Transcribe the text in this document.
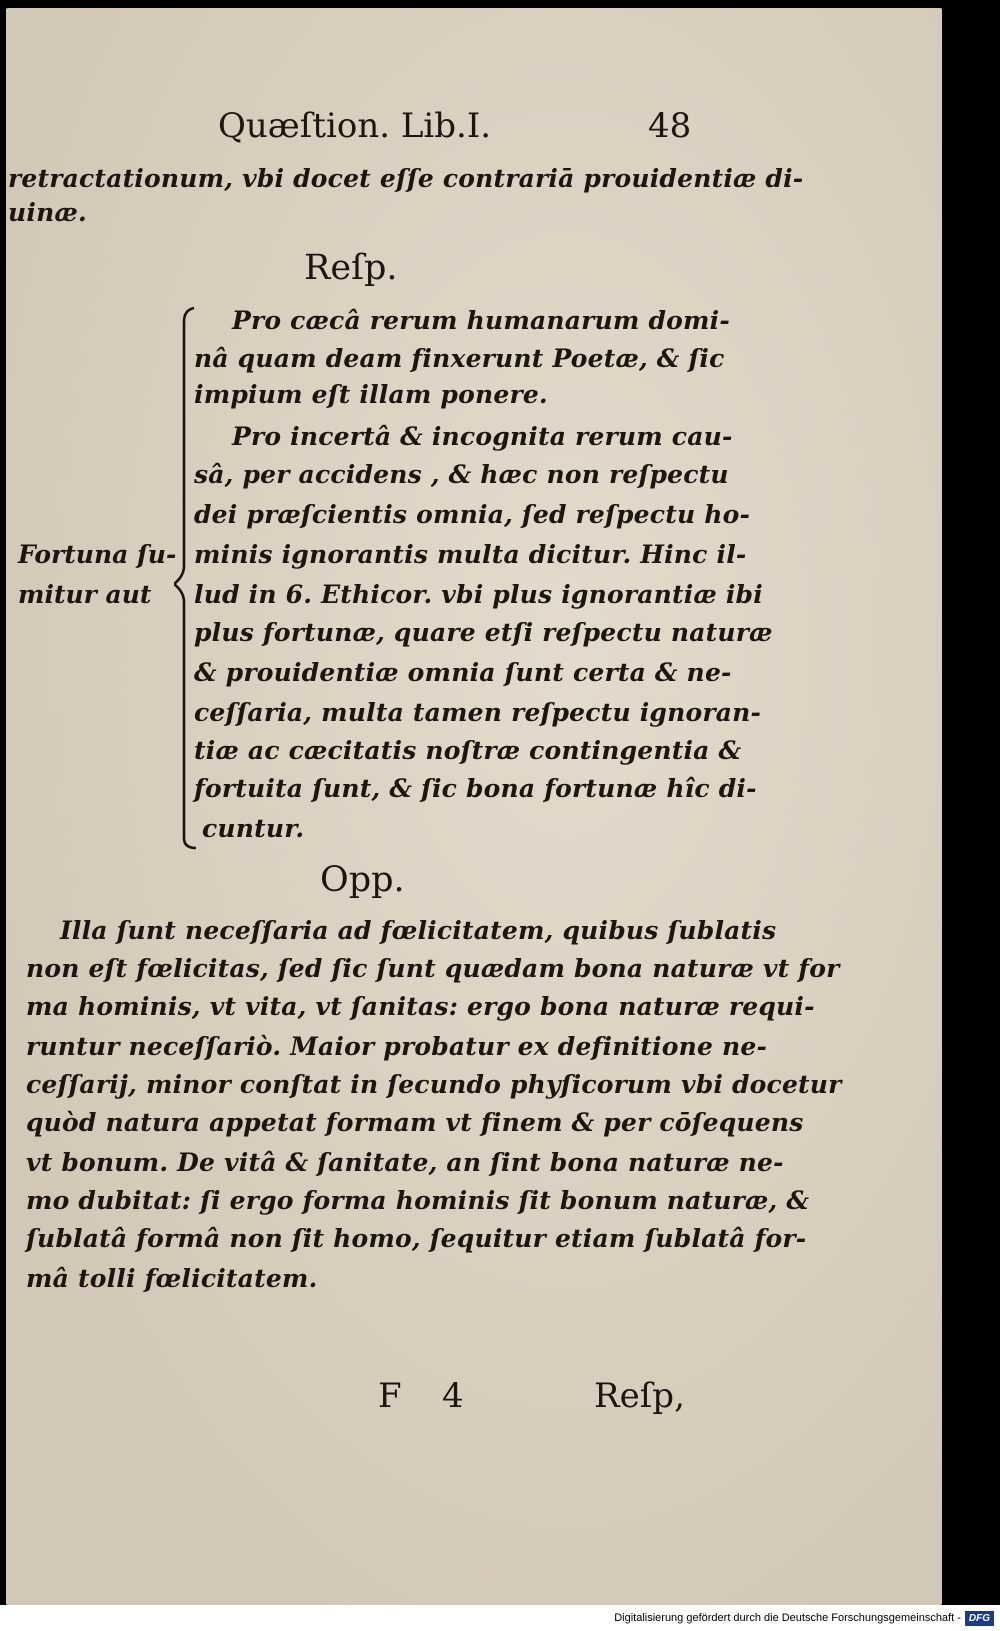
Quæſtion. Lib.I.	48
retractationum, vbi docet eſſe contrariā prouidentiæ di-
uinæ.
Reſp.
Fortuna ſu-
mitur aut
Pro cæcâ rerum humanarum domi-
nâ quam deam finxerunt Poetæ, & ſic
impium eſt illam ponere.
Pro incertâ & incognita rerum cau-
sâ, per accidens , & hæc non reſpectu
dei præſcientis omnia, ſed reſpectu ho-
minis ignorantis multa dicitur. Hinc il-
lud in 6. Ethicor. vbi plus ignorantiæ ibi
plus fortunæ, quare etſi reſpectu naturæ
& prouidentiæ omnia ſunt certa & ne-
ceſſaria, multa tamen reſpectu ignoran-
tiæ ac cæcitatis noſtræ contingentia &
fortuita ſunt, & ſic bona fortunæ hîc di-
cuntur.
Opp.
Illa ſunt neceſſaria ad fœlicitatem, quibus ſublatis
non eſt fœlicitas, ſed ſic ſunt quædam bona naturæ vt for
ma hominis, vt vita, vt ſanitas: ergo bona naturæ requi-
runtur neceſſariò. Maior probatur ex definitione ne-
ceſſarij, minor conſtat in ſecundo phyſicorum vbi docetur
quòd natura appetat formam vt finem & per cōſequens
vt bonum. De vitâ & ſanitate, an ſint bona naturæ ne-
mo dubitat: ſi ergo forma hominis ſit bonum naturæ, &
ſublatâ formâ non ſit homo, ſequitur etiam ſublatâ for-
mâ tolli fœlicitatem.
F 4	Reſp,
Digitalisierung gefördert durch die Deutsche Forschungsgemeinschaft - DFG
